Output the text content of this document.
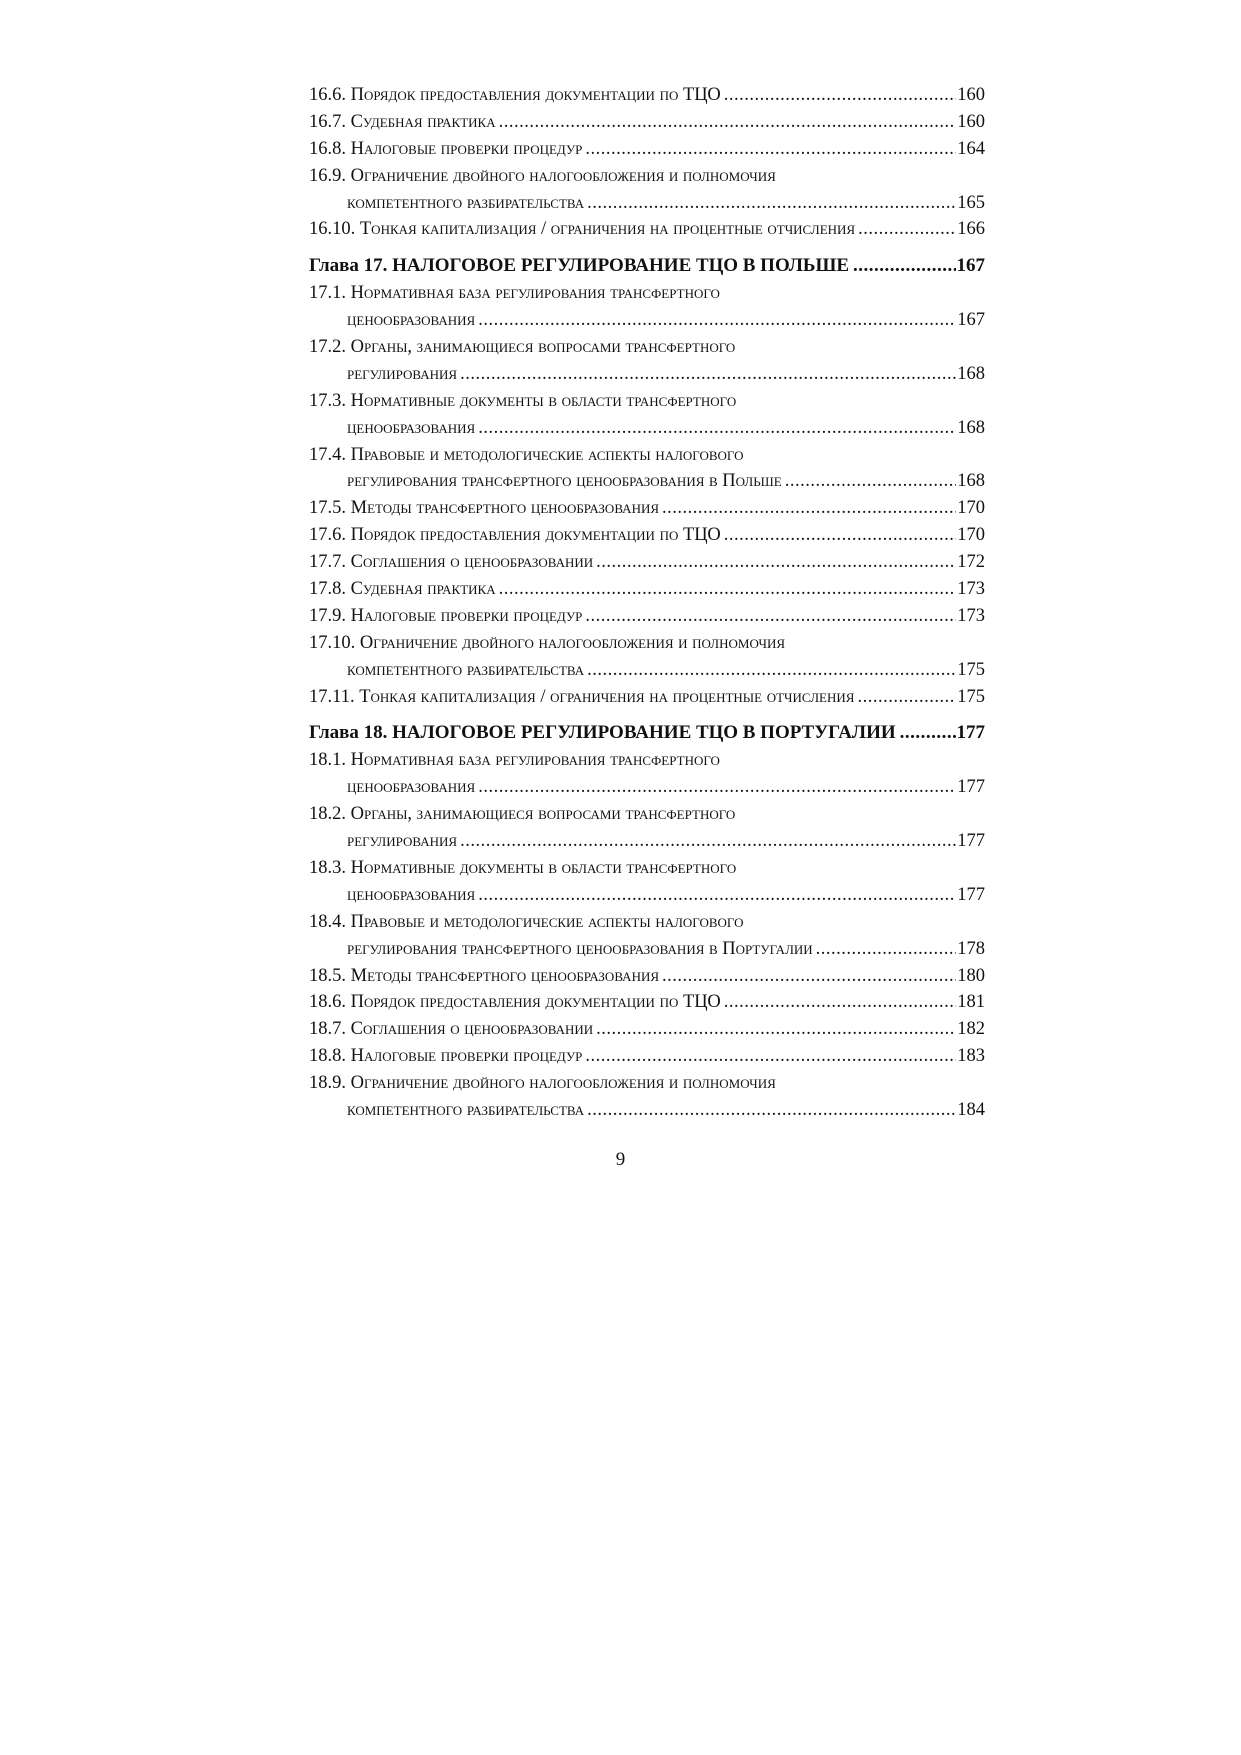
16.6.
Порядок предоставления документации по ТЦО .....	160
16.7.
Судебная практика .....	160
16.8.
Налоговые проверки процедур .....	164
16.9.
Ограничение двойного налогообложения и полномочия
компетентного разбирательства .....	165
16.10.
Тонкая капитализация / ограничения на процентные отчисления .....	166
Глава 17. НАЛОГОВОЕ РЕГУЛИРОВАНИЕ ТЦО В ПОЛЬШЕ .....	167
17.1.
Нормативная база регулирования трансфертного
ценообразования .....	167
17.2.
Органы, занимающиеся вопросами трансфертного
регулирования .....	168
17.3.
Нормативные документы в области трансфертного
ценообразования .....	168
17.4.
Правовые и методологические аспекты налогового
регулирования трансфертного ценообразования в Польше .....	168
17.5.
Методы трансфертного ценообразования .....	170
17.6.
Порядок предоставления документации по ТЦО .....	170
17.7.
Соглашения о ценообразовании .....	172
17.8.
Судебная практика .....	173
17.9.
Налоговые проверки процедур .....	173
17.10.
Ограничение двойного налогообложения и полномочия
компетентного разбирательства .....	175
17.11.
Тонкая капитализация / ограничения на процентные отчисления .....	175
Глава 18. НАЛОГОВОЕ РЕГУЛИРОВАНИЕ ТЦО В ПОРТУГАЛИИ .....	177
18.1.
Нормативная база регулирования трансфертного
ценообразования .....	177
18.2.
Органы, занимающиеся вопросами трансфертного
регулирования .....	177
18.3.
Нормативные документы в области трансфертного
ценообразования .....	177
18.4.
Правовые и методологические аспекты налогового
регулирования трансфертного ценообразования в Португалии .....	178
18.5.
Методы трансфертного ценообразования .....	180
18.6.
Порядок предоставления документации по ТЦО .....	181
18.7.
Соглашения о ценообразовании .....	182
18.8.
Налоговые проверки процедур .....	183
18.9.
Ограничение двойного налогообложения и полномочия
компетентного разбирательства .....	184
9
